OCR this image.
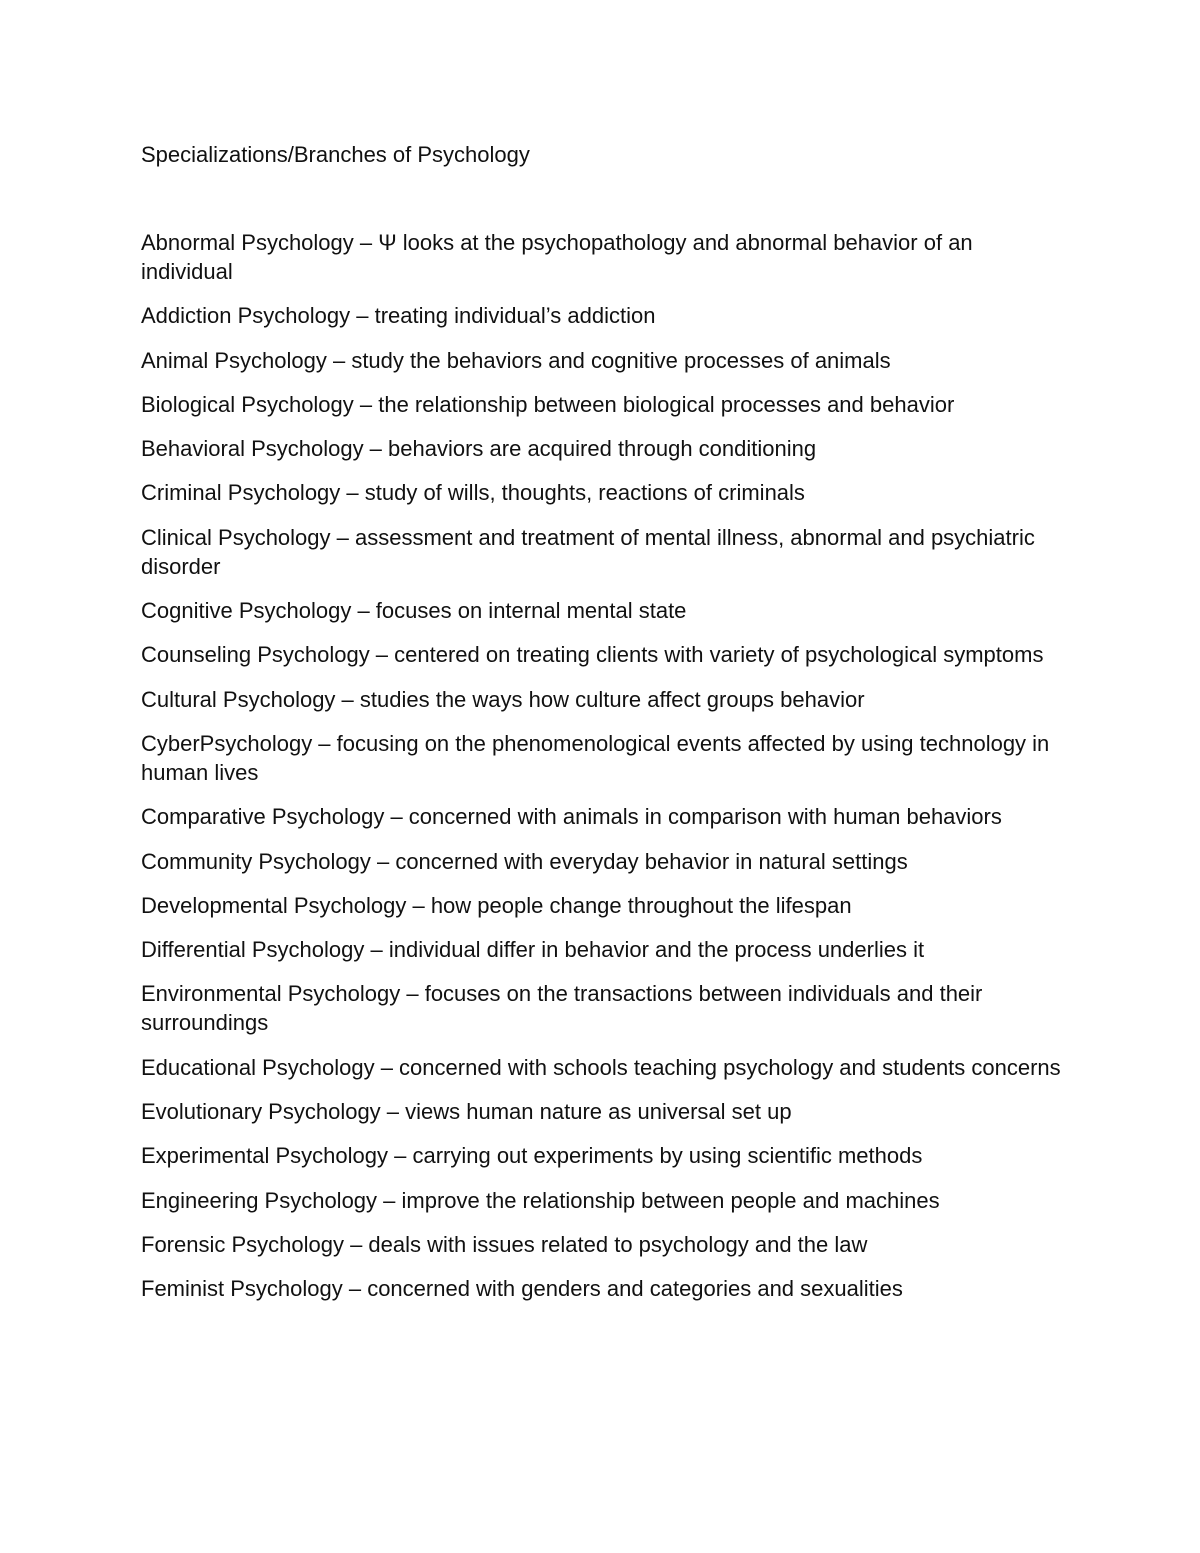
Specializations/Branches of Psychology

Abnormal Psychology – Ψ looks at the psychopathology and abnormal behavior of an individual

Addiction Psychology – treating individual’s addiction

Animal Psychology – study the behaviors and cognitive processes of animals

Biological Psychology – the relationship between biological processes and behavior

Behavioral Psychology – behaviors are acquired through conditioning

Criminal Psychology – study of wills, thoughts, reactions of criminals

Clinical Psychology – assessment and treatment of mental illness, abnormal and psychiatric disorder

Cognitive Psychology – focuses on internal mental state

Counseling Psychology – centered on treating clients with variety of psychological symptoms

Cultural Psychology – studies the ways how culture affect groups behavior

CyberPsychology – focusing on the phenomenological events affected by using technology in human lives

Comparative Psychology – concerned with animals in comparison with human behaviors

Community Psychology – concerned with everyday behavior in natural settings

Developmental Psychology – how people change throughout the lifespan

Differential Psychology – individual differ in behavior and the process underlies it

Environmental Psychology – focuses on the transactions between individuals and their surroundings

Educational Psychology – concerned with schools teaching psychology and students concerns

Evolutionary Psychology – views human nature as universal set up

Experimental Psychology – carrying out experiments by using scientific methods

Engineering Psychology – improve the relationship between people and machines

Forensic Psychology – deals with issues related to psychology and the law

Feminist Psychology – concerned with genders and categories and sexualities
